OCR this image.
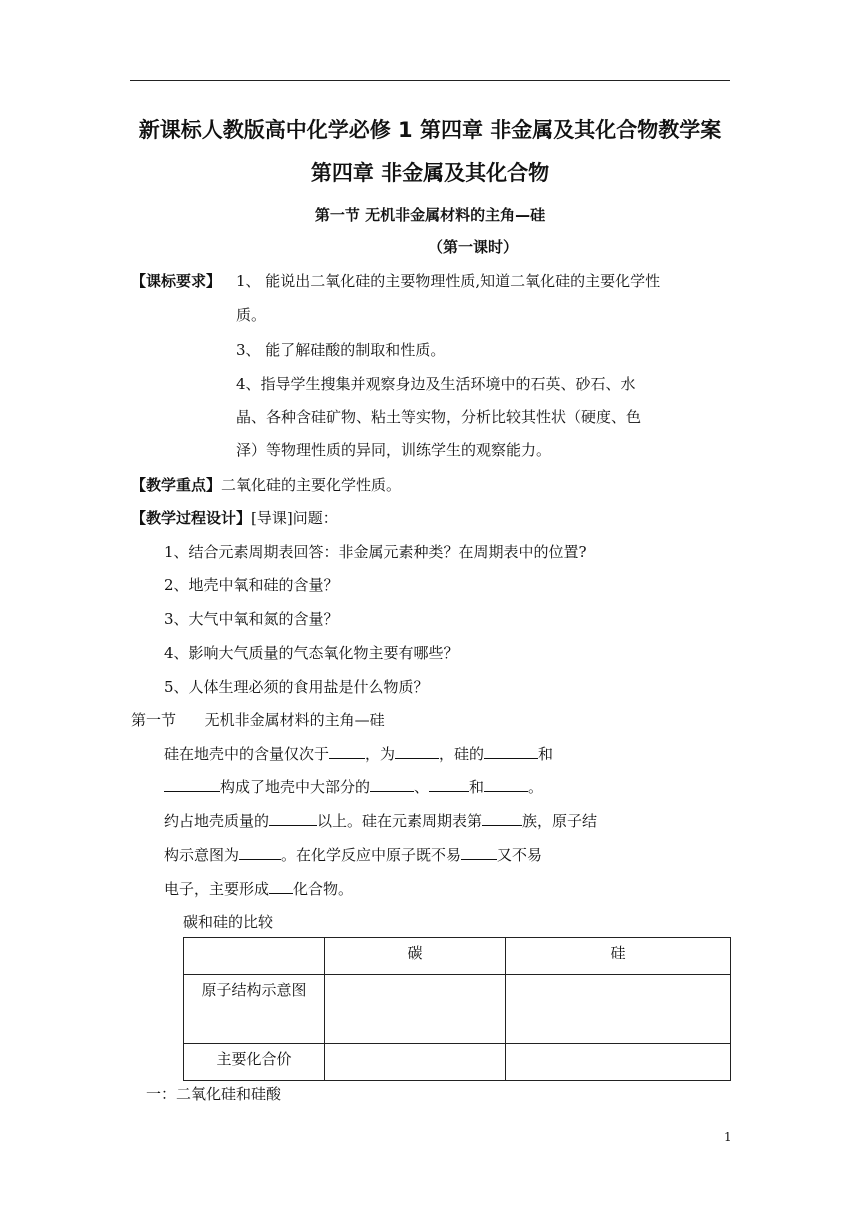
新课标人教版高中化学必修 1 第四章 非金属及其化合物教学案
第四章 非金属及其化合物
第一节 无机非金属材料的主角—硅
（第一课时）
【课标要求】 1、 能说出二氧化硅的主要物理性质,知道二氧化硅的主要化学性
质。
3、 能了解硅酸的制取和性质。
4、指导学生搜集并观察身边及生活环境中的石英、砂石、水
晶、各种含硅矿物、粘土等实物，分析比较其性状（硬度、色
泽）等物理性质的异同，训练学生的观察能力。
【教学重点】二氧化硅的主要化学性质。
【教学过程设计】[导课]问题：
1、结合元素周期表回答：非金属元素种类？在周期表中的位置?
2、地壳中氧和硅的含量？
3、大气中氧和氮的含量？
4、影响大气质量的气态氧化物主要有哪些？
5、人体生理必须的食用盐是什么物质？
第一节      无机非金属材料的主角—硅
硅在地壳中的含量仅次于 ，为	，硅的	和
构成了地壳中大部分的	、	和	。
约占地壳质量的	以上。硅在元素周期表第	族，原子结
构示意图为	。在化学反应中原子既不易 又不易
电子，主要形成 化合物。
碳和硅的比较
	碳	硅
原子结构示意图		
主要化合价		
一：二氧化硅和硅酸
1
